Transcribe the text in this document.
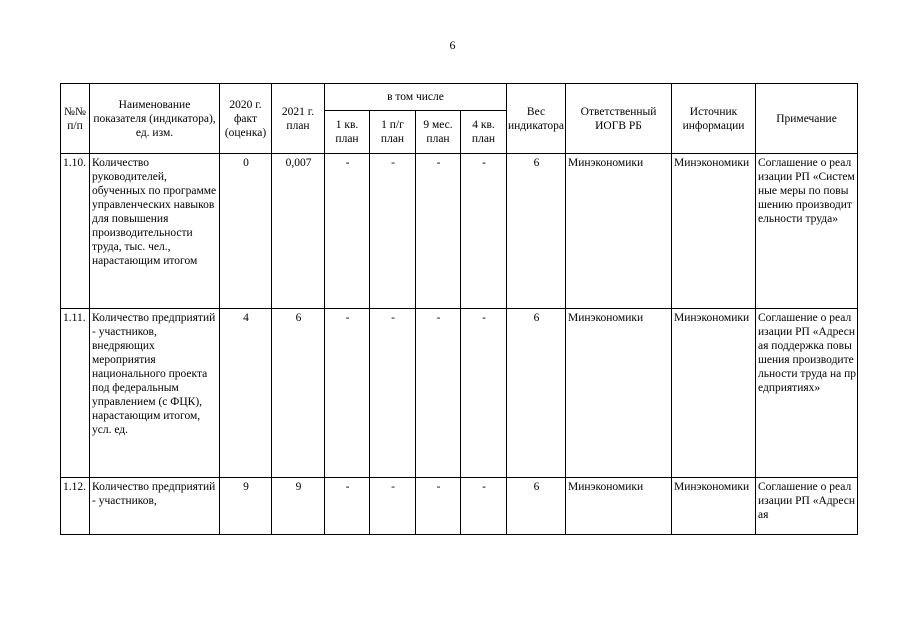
6
№№ п/п	Наименование показателя (индикатора), ед. изм.	2020 г. факт (оценка)	2021 г. план	в том числе				Вес индикатора	Ответственный ИОГВ РБ	Источник информации	Примечание
				1 кв. план	1 п/г план	9 мес. план	4 кв. план				
1.10.	Количество руководителей, обученных по программе управленческих навыков для повышения производительности труда, тыс. чел., нарастающим итогом	0	0,007	-	-	-	-	6	Минэкономики	Минэкономики	Соглашение о реализации РП «Системные меры по повышению производительности труда»
1.11.	Количество предприятий - участников, внедряющих мероприятия национального проекта под федеральным управлением (с ФЦК), нарастающим итогом, усл. ед.	4	6	-	-	-	-	6	Минэкономики	Минэкономики	Соглашение о реализации РП «Адресная поддержка повышения производительности труда на предприятиях»
1.12.	Количество предприятий - участников,	9	9	-	-	-	-	6	Минэкономики	Минэкономики	Соглашение о реализации РП «Адресная
